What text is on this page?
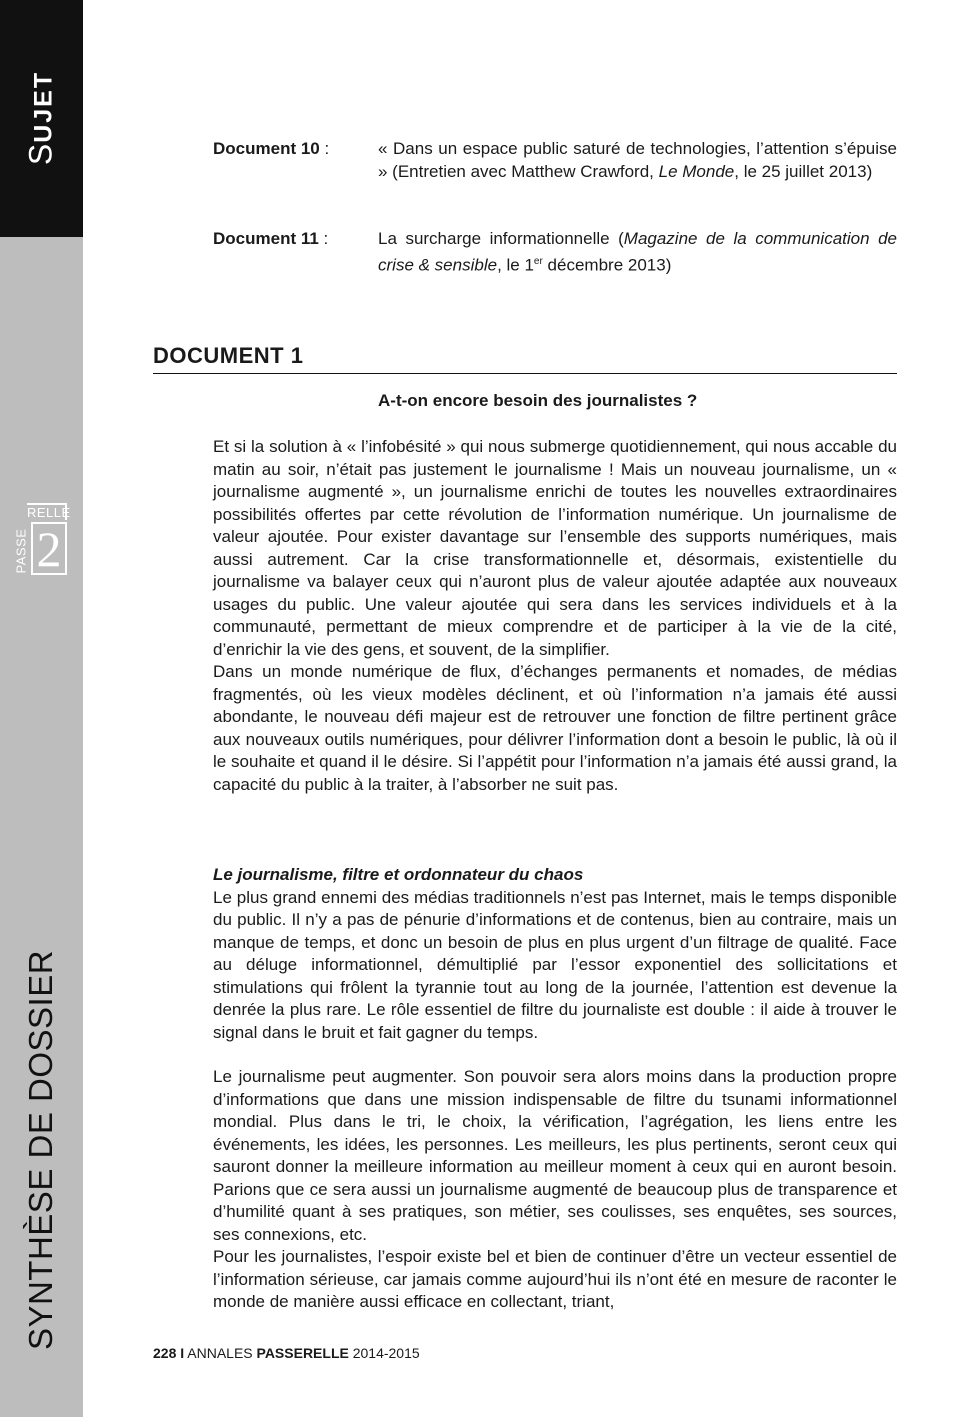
SUJET
RELLE
PASSE 2
SYNTHÈSE DE DOSSIER
Document 10 :	« Dans un espace public saturé de technologies, l’attention s’épuise » (Entretien avec Matthew Crawford, Le Monde, le 25 juillet 2013)
Document 11 :	La surcharge informationnelle (Magazine de la communication de crise & sensible, le 1er décembre 2013)
DOCUMENT 1
A-t-on encore besoin des journalistes ?

Et si la solution à « l’infobésité » qui nous submerge quotidiennement, qui nous accable du matin au soir, n’était pas justement le journalisme ! Mais un nouveau journalisme, un « journalisme augmenté », un journalisme enrichi de toutes les nouvelles extraordinaires possibilités offertes par cette révolution de l’information numérique. Un journalisme de valeur ajoutée. Pour exister davantage sur l’ensemble des supports numériques, mais aussi autrement. Car la crise transformationnelle et, désormais, existentielle du journalisme va balayer ceux qui n’auront plus de valeur ajoutée adaptée aux nouveaux usages du public. Une valeur ajoutée qui sera dans les services individuels et à la communauté, permettant de mieux comprendre et de participer à la vie de la cité, d’enrichir la vie des gens, et souvent, de la simplifier.

Dans un monde numérique de flux, d’échanges permanents et nomades, de médias fragmentés, où les vieux modèles déclinent, et où l’information n’a jamais été aussi abondante, le nouveau défi majeur est de retrouver une fonction de filtre pertinent grâce aux nouveaux outils numériques, pour délivrer l’information dont a besoin le public, là où il le souhaite et quand il le désire. Si l’appétit pour l’information n’a jamais été aussi grand, la capacité du public à la traiter, à l’absorber ne suit pas.

Le journalisme, filtre et ordonnateur du chaos

Le plus grand ennemi des médias traditionnels n’est pas Internet, mais le temps disponible du public. Il n’y a pas de pénurie d’informations et de contenus, bien au contraire, mais un manque de temps, et donc un besoin de plus en plus urgent d’un filtrage de qualité. Face au déluge informationnel, démultiplié par l’essor exponentiel des sollicitations et stimulations qui frôlent la tyrannie tout au long de la journée, l’attention est devenue la denrée la plus rare. Le rôle essentiel de filtre du journaliste est double : il aide à trouver le signal dans le bruit et fait gagner du temps.

Le journalisme peut augmenter. Son pouvoir sera alors moins dans la production propre d’informations que dans une mission indispensable de filtre du tsunami informationnel mondial. Plus dans le tri, le choix, la vérification, l’agrégation, les liens entre les événements, les idées, les personnes. Les meilleurs, les plus pertinents, seront ceux qui sauront donner la meilleure information au meilleur moment à ceux qui en auront besoin. Parions que ce sera aussi un journalisme augmenté de beaucoup plus de transparence et d’humilité quant à ses pratiques, son métier, ses coulisses, ses enquêtes, ses sources, ses connexions, etc.

Pour les journalistes, l’espoir existe bel et bien de continuer d’être un vecteur essentiel de l’information sérieuse, car jamais comme aujourd’hui ils n’ont été en mesure de raconter le monde de manière aussi efficace en collectant, triant,

228 I ANNALES PASSERELLE 2014-2015
